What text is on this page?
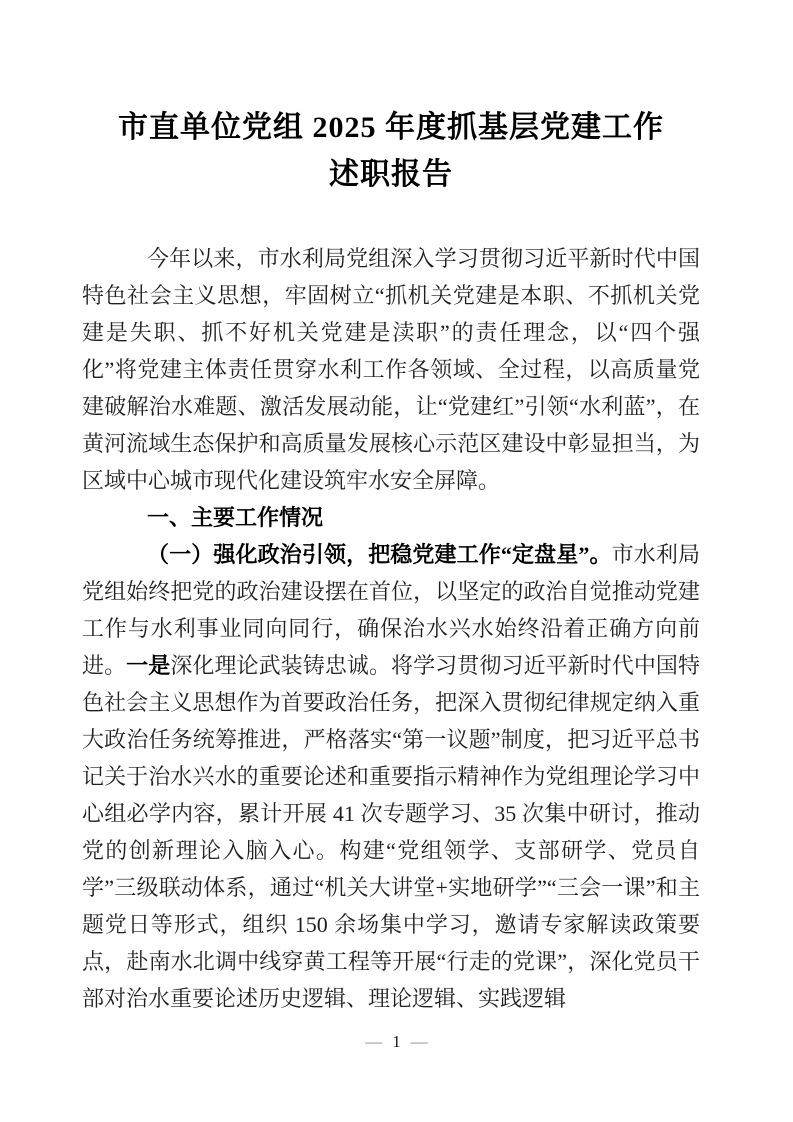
市直单位党组 2025 年度抓基层党建工作
述职报告

今年以来，市水利局党组深入学习贯彻习近平新时代中国特色社会主义思想，牢固树立“抓机关党建是本职、不抓机关党建是失职、抓不好机关党建是渎职”的责任理念，以“四个强化”将党建主体责任贯穿水利工作各领域、全过程，以高质量党建破解治水难题、激活发展动能，让“党建红”引领“水利蓝”，在黄河流域生态保护和高质量发展核心示范区建设中彰显担当，为区域中心城市现代化建设筑牢水安全屏障。

一、主要工作情况

（一）强化政治引领，把稳党建工作“定盘星”。市水利局党组始终把党的政治建设摆在首位，以坚定的政治自觉推动党建工作与水利事业同向同行，确保治水兴水始终沿着正确方向前进。一是深化理论武装铸忠诚。将学习贯彻习近平新时代中国特色社会主义思想作为首要政治任务，把深入贯彻纪律规定纳入重大政治任务统筹推进，严格落实“第一议题”制度，把习近平总书记关于治水兴水的重要论述和重要指示精神作为党组理论学习中心组必学内容，累计开展 41 次专题学习、35 次集中研讨，推动党的创新理论入脑入心。构建“党组领学、支部研学、党员自学”三级联动体系，通过“机关大讲堂+实地研学”“三会一课”和主题党日等形式，组织 150 余场集中学习，邀请专家解读政策要点，赴南水北调中线穿黄工程等开展“行走的党课”，深化党员干部对治水重要论述历史逻辑、理论逻辑、实践逻辑

— 1 —
